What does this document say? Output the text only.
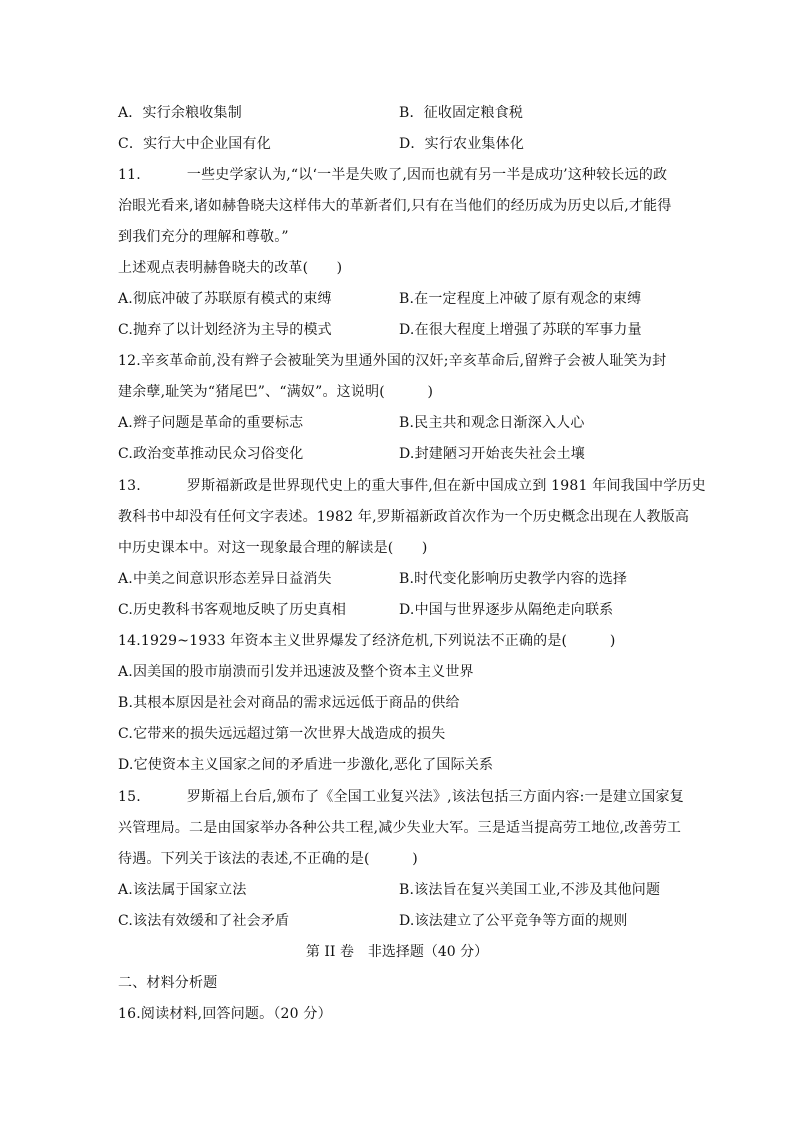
A．实行余粮收集制	B．征收固定粮食税
C．实行大中企业国有化	D．实行农业集体化
11.	一些史学家认为,“以‘一半是失败了,因而也就有另一半是成功’这种较长远的政
治眼光看来,诸如赫鲁晓夫这样伟大的革新者们,只有在当他们的经历成为历史以后,才能得
到我们充分的理解和尊敬。”
上述观点表明赫鲁晓夫的改革(　　)
A.彻底冲破了苏联原有模式的束缚	B.在一定程度上冲破了原有观念的束缚
C.抛弃了以计划经济为主导的模式	D.在很大程度上增强了苏联的军事力量
12.辛亥革命前,没有辫子会被耻笑为里通外国的汉奸;辛亥革命后,留辫子会被人耻笑为封
建余孽,耻笑为“猪尾巴”、“满奴”。这说明(　　　)
A.辫子问题是革命的重要标志	B.民主共和观念日渐深入人心
C.政治变革推动民众习俗变化	D.封建陋习开始丧失社会土壤
13.	罗斯福新政是世界现代史上的重大事件,但在新中国成立到 1981 年间我国中学历史
教科书中却没有任何文字表述。1982 年,罗斯福新政首次作为一个历史概念出现在人教版高
中历史课本中。对这一现象最合理的解读是(　　)
A.中美之间意识形态差异日益消失	B.时代变化影响历史教学内容的选择
C.历史教科书客观地反映了历史真相	D.中国与世界逐步从隔绝走向联系
14.1929~1933 年资本主义世界爆发了经济危机,下列说法不正确的是(　　　)
A.因美国的股市崩溃而引发并迅速波及整个资本主义世界
B.其根本原因是社会对商品的需求远远低于商品的供给
C.它带来的损失远远超过第一次世界大战造成的损失
D.它使资本主义国家之间的矛盾进一步激化,恶化了国际关系
15.	罗斯福上台后,颁布了《全国工业复兴法》,该法包括三方面内容:一是建立国家复
兴管理局。二是由国家举办各种公共工程,减少失业大军。三是适当提高劳工地位,改善劳工
待遇。下列关于该法的表述,不正确的是(　　　)
A.该法属于国家立法	B.该法旨在复兴美国工业,不涉及其他问题
C.该法有效缓和了社会矛盾	D.该法建立了公平竞争等方面的规则
第 II 卷　非选择题（40 分）
二、材料分析题
16.阅读材料,回答问题。（20 分）
